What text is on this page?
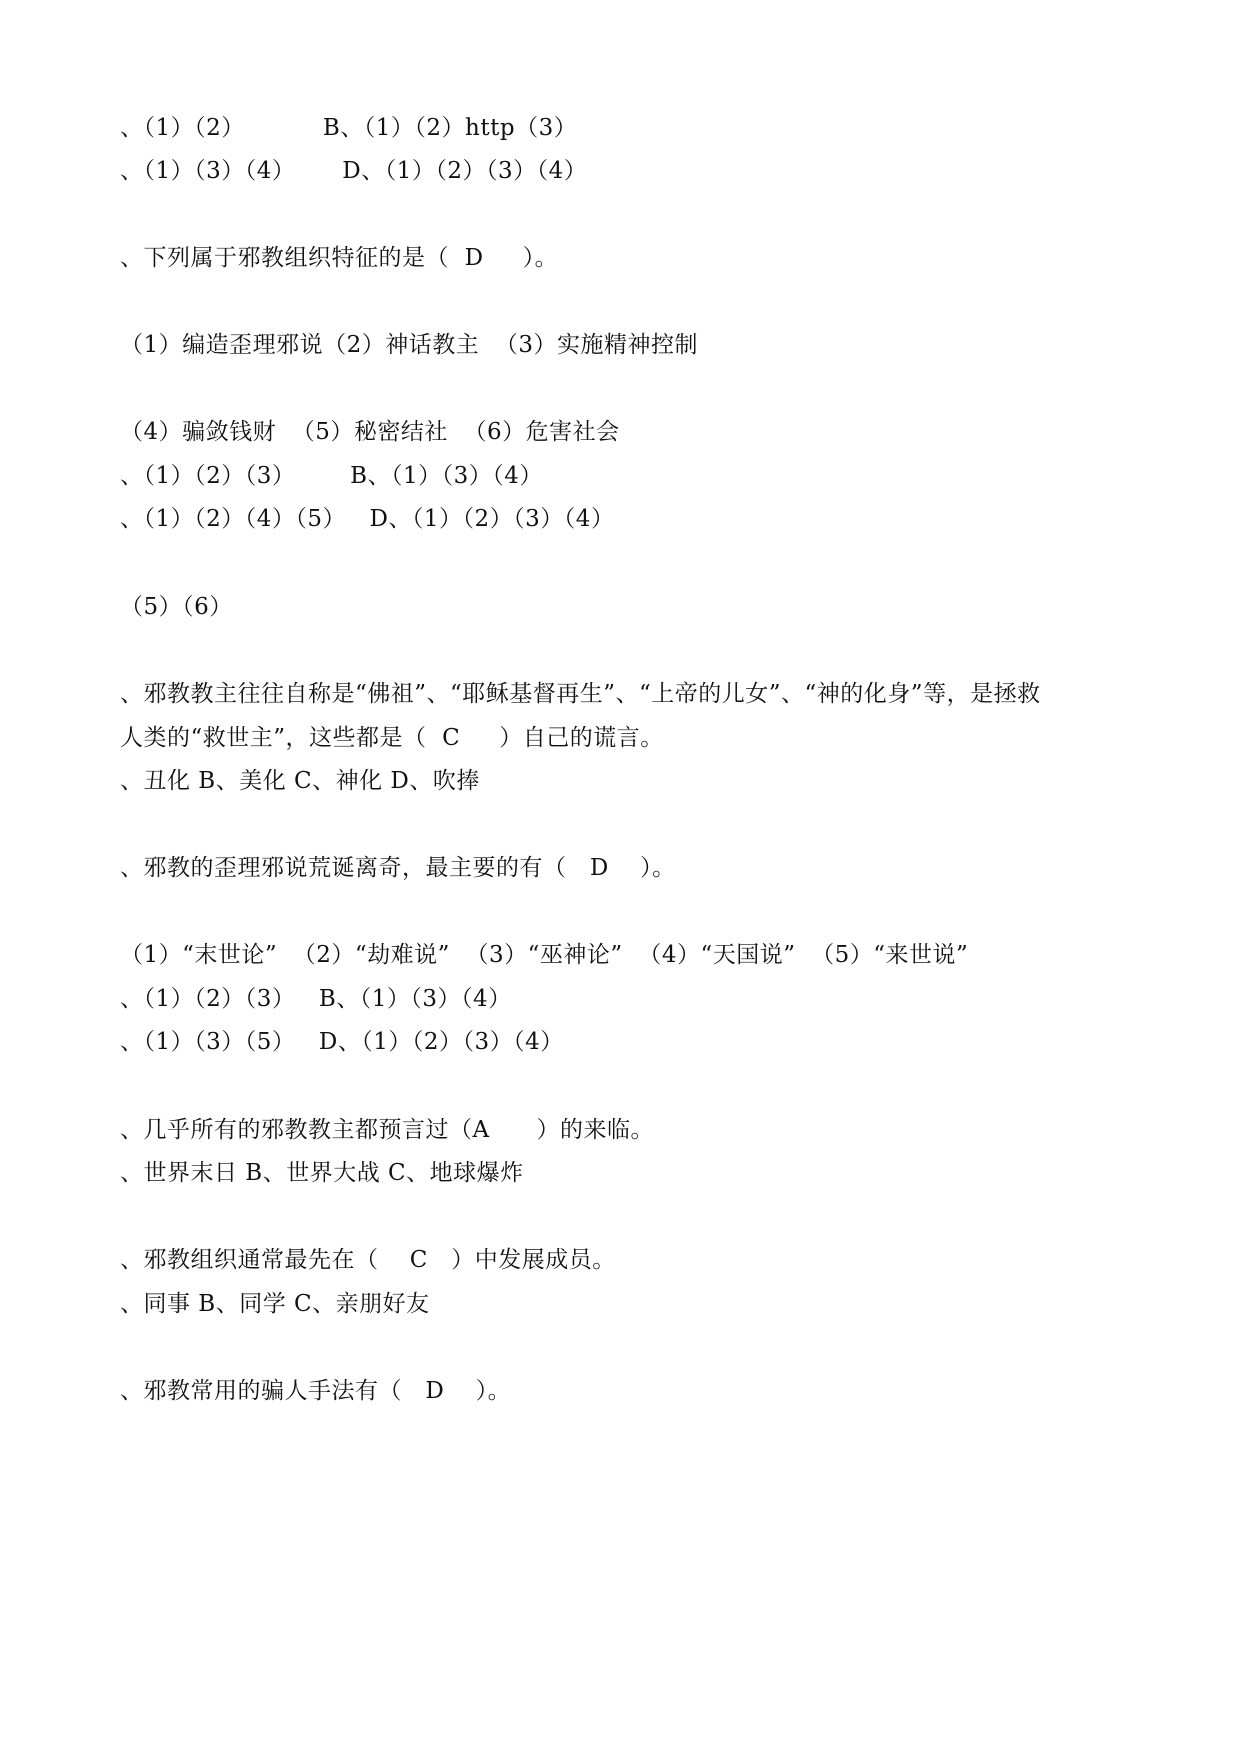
、（1）（2）          B、（1）（2）http（3）
、（1）（3）（4）      D、（1）（2）（3）（4）
、下列属于邪教组织特征的是（  D     ）。
（1）编造歪理邪说（2）神话教主  （3）实施精神控制
（4）骗敛钱财  （5）秘密结社  （6）危害社会
、（1）（2）（3）       B、（1）（3）（4）
、（1）（2）（4）（5）   D、（1）（2）（3）（4）
（5）（6）
、邪教教主往往自称是“佛祖”、“耶稣基督再生”、“上帝的儿女”、“神的化身”等，是拯救
人类的“救世主”，这些都是（  C     ）自己的谎言。
、丑化 B、美化 C、神化 D、吹捧
、邪教的歪理邪说荒诞离奇，最主要的有（   D    ）。
（1）“末世论”  （2）“劫难说”  （3）“巫神论”  （4）“天国说”  （5）“来世说”
、（1）（2）（3）   B、（1）（3）（4）
、（1）（3）（5）   D、（1）（2）（3）（4）
、几乎所有的邪教教主都预言过（A      ）的来临。
、世界末日 B、世界大战 C、地球爆炸
、邪教组织通常最先在（    C   ）中发展成员。
、同事 B、同学 C、亲朋好友
、邪教常用的骗人手法有（   D    ）。
